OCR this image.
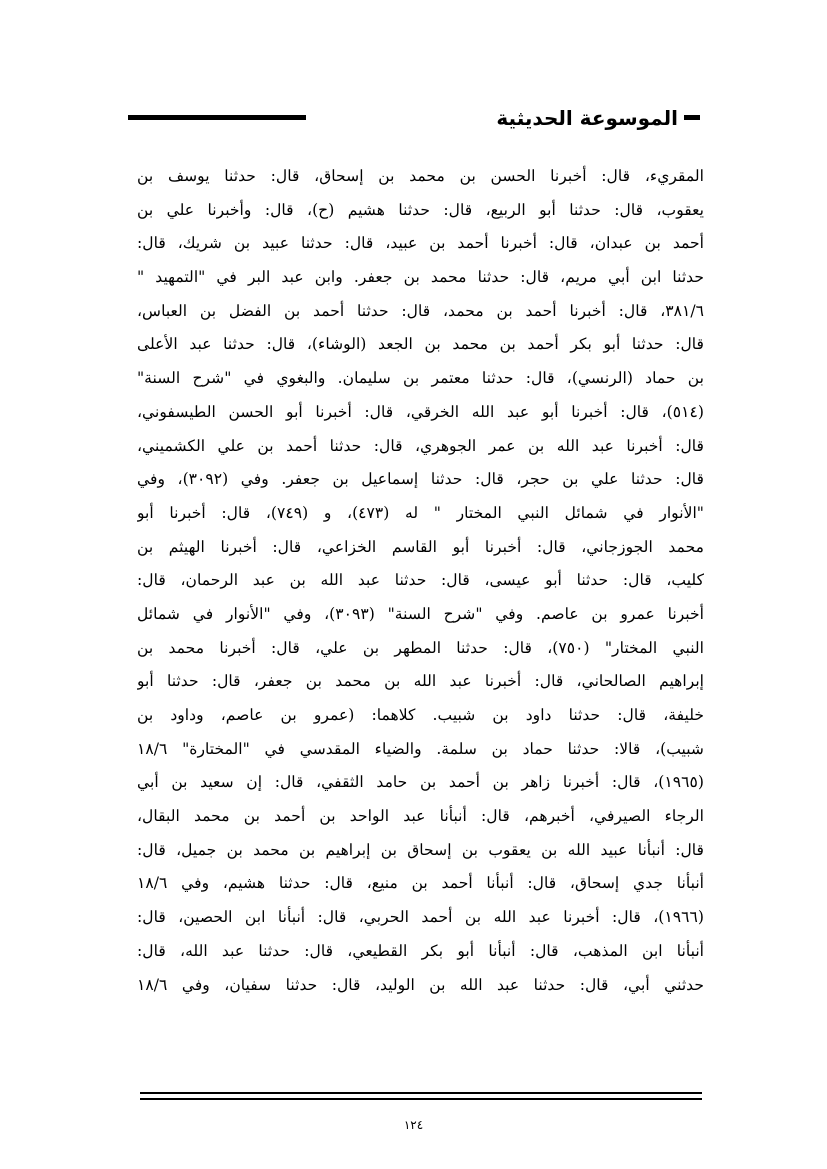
الموسوعة الحديثية
المقريء، قال: أخبرنا الحسن بن محمد بن إسحاق، قال: حدثنا يوسف بن
يعقوب، قال: حدثنا أبو الربيع، قال: حدثنا هشيم (ح)، قال: وأخبرنا علي بن
أحمد بن عبدان، قال: أخبرنا أحمد بن عبيد، قال: حدثنا عبيد بن شريك، قال:
حدثنا ابن أبي مريم، قال: حدثنا محمد بن جعفر. وابن عبد البر في "التمهيد "
٣٨١/٦، قال: أخبرنا أحمد بن محمد، قال: حدثنا أحمد بن الفضل بن العباس،
قال: حدثنا أبو بكر أحمد بن محمد بن الجعد (الوشاء)، قال: حدثنا عبد الأعلى
بن حماد (الرنسي)، قال: حدثنا معتمر بن سليمان. والبغوي في "شرح السنة"
(٥١٤)، قال: أخبرنا أبو عبد الله الخرقي، قال: أخبرنا أبو الحسن الطيسفوني،
قال: أخبرنا عبد الله بن عمر الجوهري، قال: حدثنا أحمد بن علي الكشميني،
قال: حدثنا علي بن حجر، قال: حدثنا إسماعيل بن جعفر. وفي (٣٠٩٢)، وفي
"الأنوار في شمائل النبي المختار " له (٤٧٣)، و (٧٤٩)، قال: أخبرنا أبو
محمد الجوزجاني، قال: أخبرنا أبو القاسم الخزاعي، قال: أخبرنا الهيثم بن
كليب، قال: حدثنا أبو عيسى، قال: حدثنا عبد الله بن عبد الرحمان، قال:
أخبرنا عمرو بن عاصم. وفي "شرح السنة" (٣٠٩٣)، وفي "الأنوار في شمائل
النبي المختار" (٧٥٠)، قال: حدثنا المطهر بن علي، قال: أخبرنا محمد بن
إبراهيم الصالحاني، قال: أخبرنا عبد الله بن محمد بن جعفر، قال: حدثنا أبو
خليفة، قال: حدثنا داود بن شبيب. كلاهما: (عمرو بن عاصم، وداود بن
شبيب)، قالا: حدثنا حماد بن سلمة. والضياء المقدسي في "المختارة" ١٨/٦
(١٩٦٥)، قال: أخبرنا زاهر بن أحمد بن حامد الثقفي، قال: إن سعيد بن أبي
الرجاء الصيرفي، أخبرهم، قال: أنبأنا عبد الواحد بن أحمد بن محمد البقال،
قال: أنبأنا عبيد الله بن يعقوب بن إسحاق بن إبراهيم بن محمد بن جميل، قال:
أنبأنا جدي إسحاق، قال: أنبأنا أحمد بن منيع، قال: حدثنا هشيم، وفي ١٨/٦
(١٩٦٦)، قال: أخبرنا عبد الله بن أحمد الحربي، قال: أنبأنا ابن الحصين، قال:
أنبأنا ابن المذهب، قال: أنبأنا أبو بكر القطيعي، قال: حدثنا عبد الله، قال:
حدثني أبي، قال: حدثنا عبد الله بن الوليد، قال: حدثنا سفيان، وفي ١٨/٦
١٢٤
